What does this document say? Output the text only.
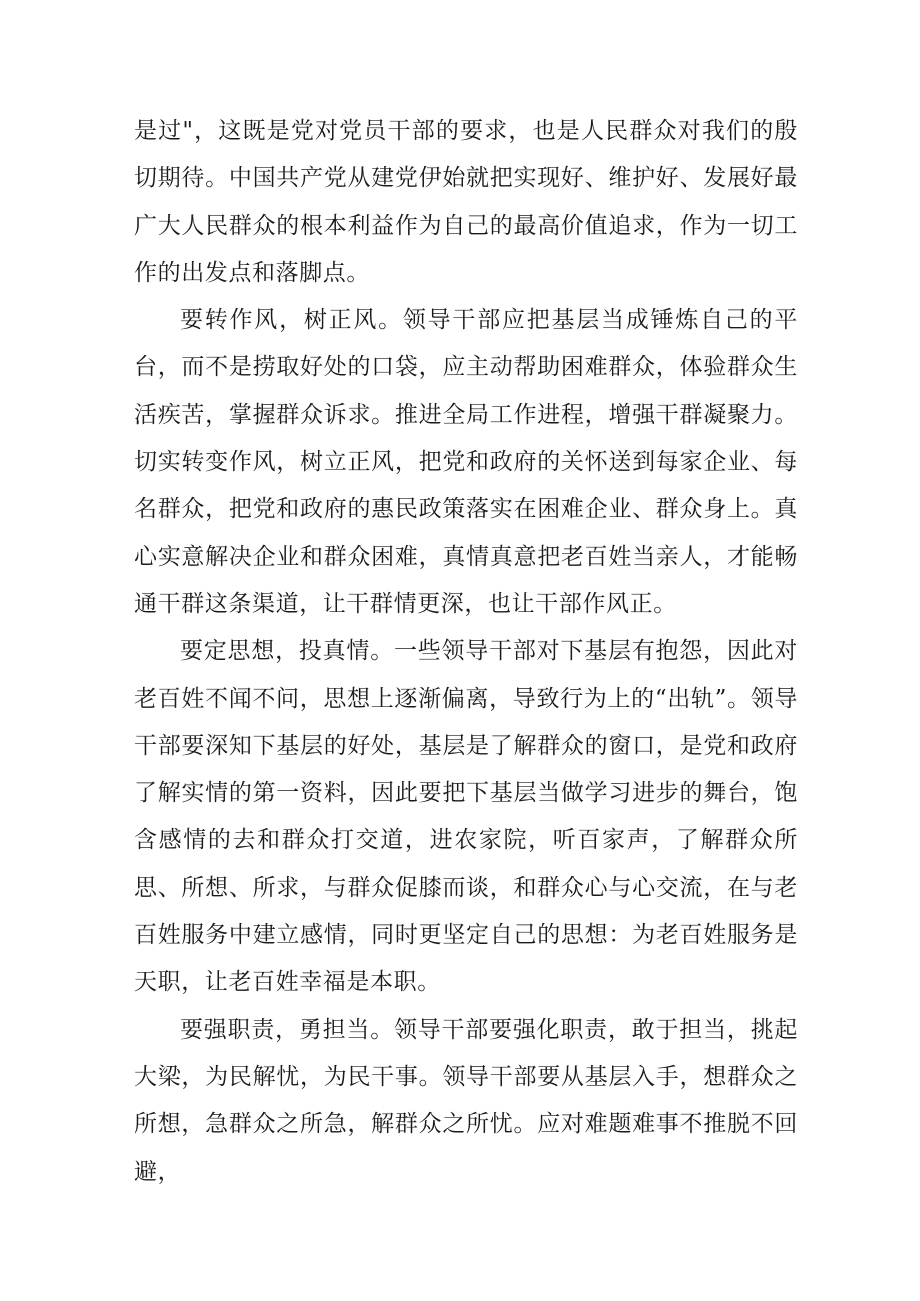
是过"，这既是党对党员干部的要求，也是人民群众对我们的殷切期待。中国共产党从建党伊始就把实现好、维护好、发展好最广大人民群众的根本利益作为自己的最高价值追求，作为一切工作的出发点和落脚点。

要转作风，树正风。领导干部应把基层当成锤炼自己的平台，而不是捞取好处的口袋，应主动帮助困难群众，体验群众生活疾苦，掌握群众诉求。推进全局工作进程，增强干群凝聚力。切实转变作风，树立正风，把党和政府的关怀送到每家企业、每名群众，把党和政府的惠民政策落实在困难企业、群众身上。真心实意解决企业和群众困难，真情真意把老百姓当亲人，才能畅通干群这条渠道，让干群情更深，也让干部作风正。

要定思想，投真情。一些领导干部对下基层有抱怨，因此对老百姓不闻不问，思想上逐渐偏离，导致行为上的“出轨”。领导干部要深知下基层的好处，基层是了解群众的窗口，是党和政府了解实情的第一资料，因此要把下基层当做学习进步的舞台，饱含感情的去和群众打交道，进农家院，听百家声，了解群众所思、所想、所求，与群众促膝而谈，和群众心与心交流，在与老百姓服务中建立感情，同时更坚定自己的思想：为老百姓服务是天职，让老百姓幸福是本职。

要强职责，勇担当。领导干部要强化职责，敢于担当，挑起大梁，为民解忧，为民干事。领导干部要从基层入手，想群众之所想，急群众之所急，解群众之所忧。应对难题难事不推脱不回避，
